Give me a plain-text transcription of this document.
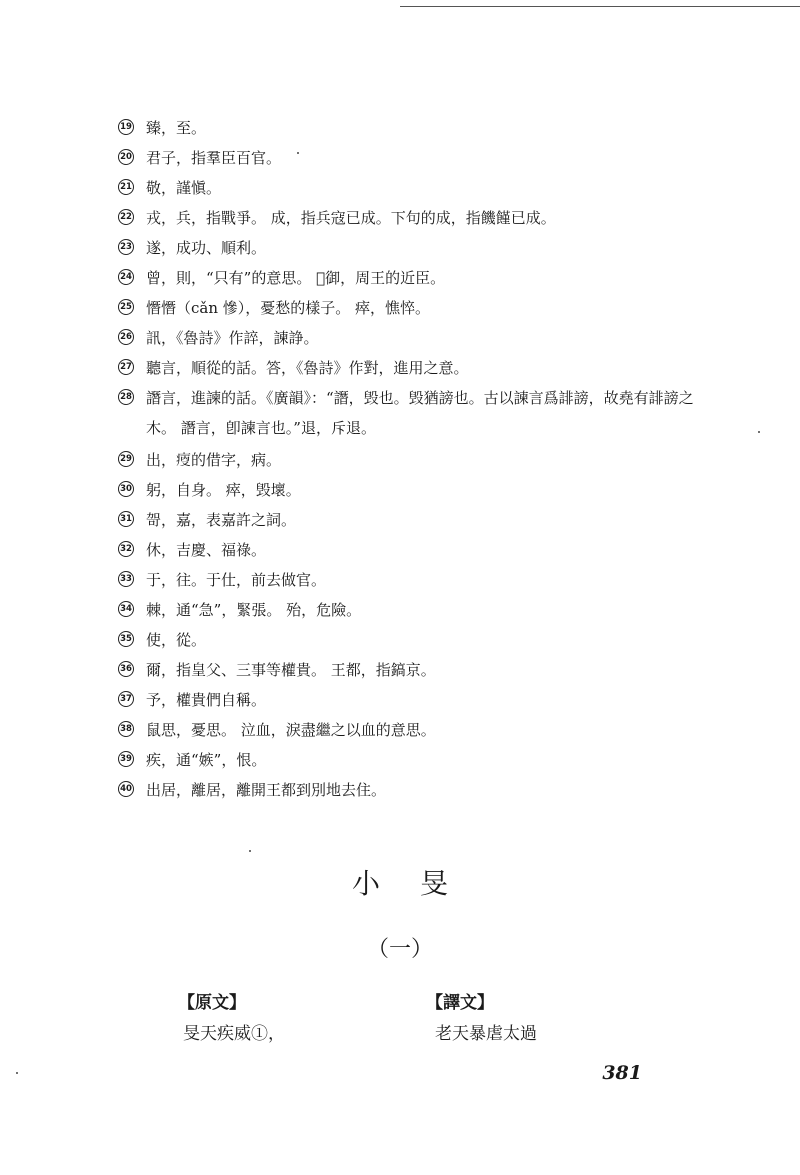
19 臻，至。
20 君子，指羣臣百官。
21 敬，謹愼。
22 戎，兵，指戰爭。 成，指兵寇已成。下句的成，指饑饉已成。
23 遂，成功、順利。
24 曾，則，“只有”的意思。 𫚴御，周王的近臣。
25 憯憯（cǎn 慘），憂愁的樣子。 瘁，憔悴。
26 訊，《魯詩》作誶，諫諍。
27 聽言，順從的話。答，《魯詩》作對，進用之意。
28 譖言，進諫的話。《廣韻》：“譖，毁也。毁猶謗也。古以諫言爲誹謗，故堯有誹謗之木。 譖言，卽諫言也。”退，斥退。
29 出，𤶯的借字，病。
30 躬，自身。 瘁，毁壞。
31 哿，嘉，表嘉許之詞。
32 休，吉慶、福祿。
33 于，往。于仕，前去做官。
34 棘，通“急”，緊張。 殆，危險。
35 使，從。
36 爾，指皇父、三事等權貴。 王都，指鎬京。
37 予，權貴們自稱。
38 鼠思，憂思。 泣血，淚盡繼之以血的意思。
39 疾，通“嫉”，恨。
40 出居，離居，離開王都到別地去住。
小旻
（一）
【原文】	【譯文】
旻天疾威①，	老天暴虐太過
381
